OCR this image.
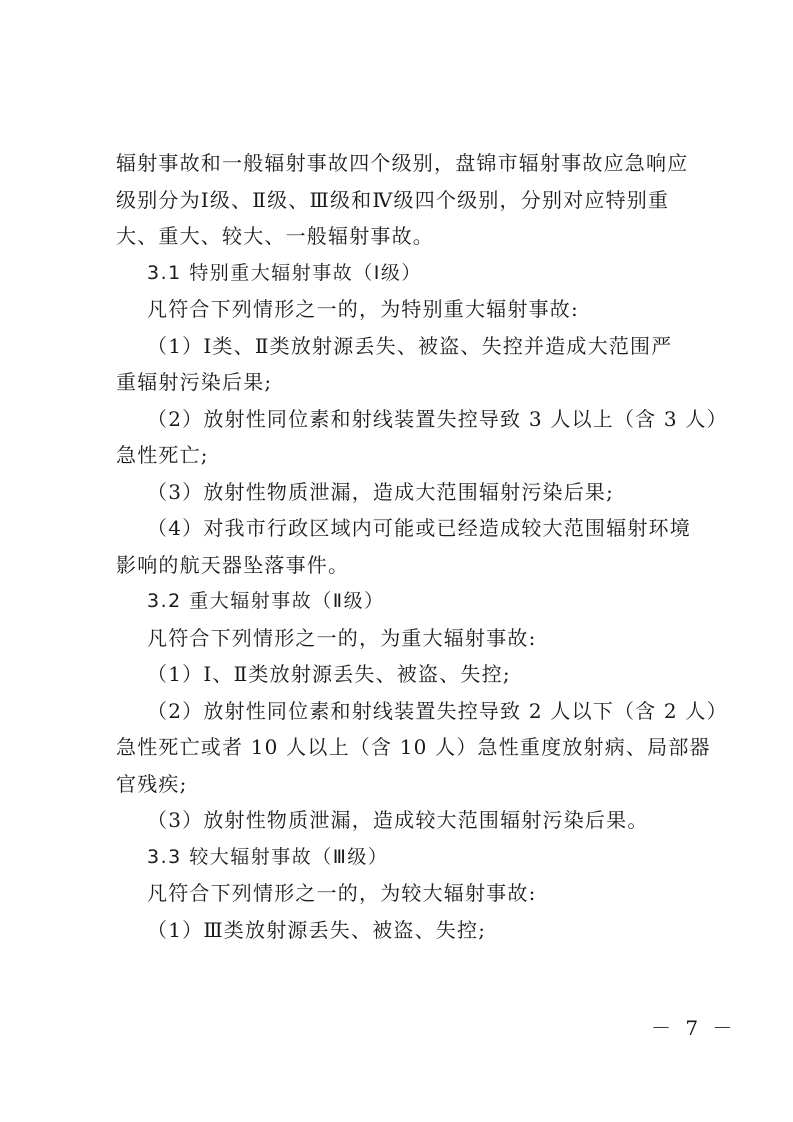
辐射事故和一般辐射事故四个级别，盘锦市辐射事故应急响应
级别分为Ⅰ级、Ⅱ级、Ⅲ级和Ⅳ级四个级别，分别对应特别重
大、重大、较大、一般辐射事故。
3.1 特别重大辐射事故（Ⅰ级）
凡符合下列情形之一的，为特别重大辐射事故:
（1）Ⅰ类、Ⅱ类放射源丢失、被盗、失控并造成大范围严
重辐射污染后果;
（2）放射性同位素和射线装置失控导致 3 人以上（含 3 人）
急性死亡;
（3）放射性物质泄漏，造成大范围辐射污染后果;
（4）对我市行政区域内可能或已经造成较大范围辐射环境
影响的航天器坠落事件。
3.2 重大辐射事故（Ⅱ级）
凡符合下列情形之一的，为重大辐射事故:
（1）Ⅰ、Ⅱ类放射源丢失、被盗、失控;
（2）放射性同位素和射线装置失控导致 2 人以下（含 2 人）
急性死亡或者 10 人以上（含 10 人）急性重度放射病、局部器
官残疾;
（3）放射性物质泄漏，造成较大范围辐射污染后果。
3.3 较大辐射事故（Ⅲ级）
凡符合下列情形之一的，为较大辐射事故:
（1）Ⅲ类放射源丢失、被盗、失控;
－ 7 －
